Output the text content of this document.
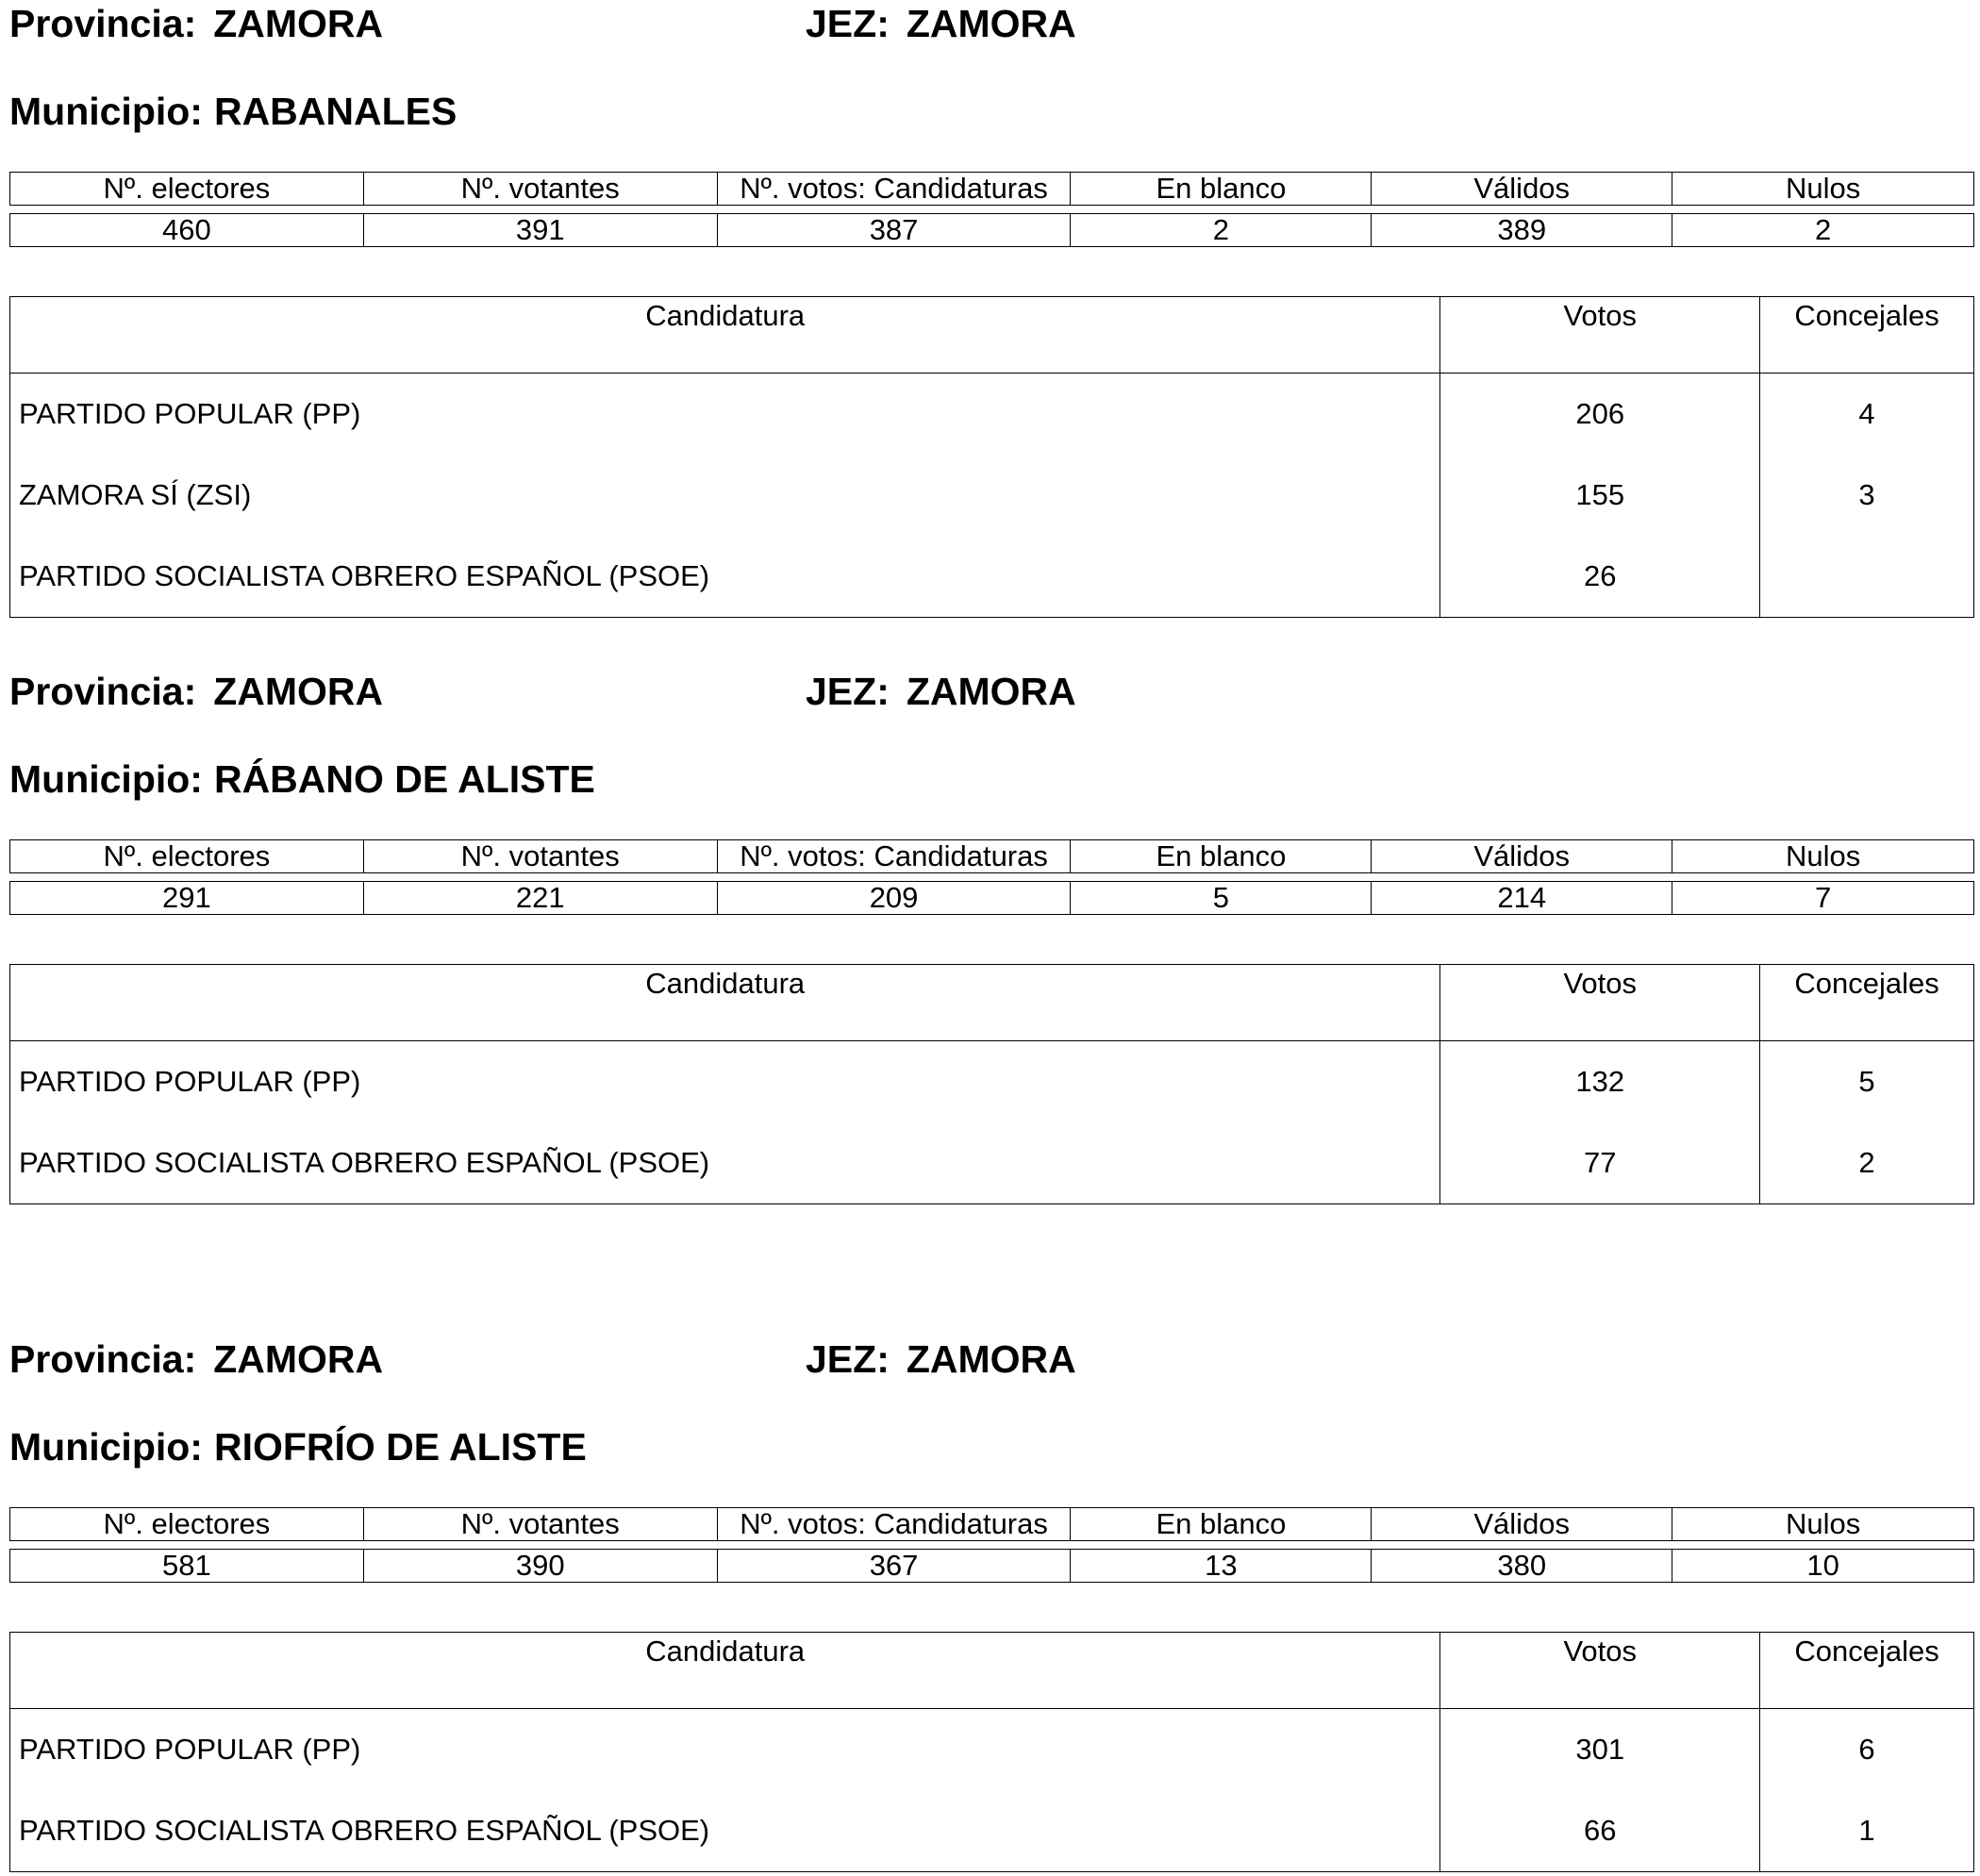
Provincia: ZAMORA	JEZ: ZAMORA
Municipio: RABANALES
Nº. electores	Nº. votantes	Nº. votos: Candidaturas	En blanco	Válidos	Nulos

460	391	387	2	389	2
Candidatura	Votos	Concejales
PARTIDO POPULAR (PP)	206	4
ZAMORA SÍ (ZSI)	155	3
PARTIDO SOCIALISTA OBRERO ESPAÑOL (PSOE)	26	
Provincia: ZAMORA	JEZ: ZAMORA
Municipio: RÁBANO DE ALISTE
Nº. electores	Nº. votantes	Nº. votos: Candidaturas	En blanco	Válidos	Nulos

291	221	209	5	214	7
Candidatura	Votos	Concejales
PARTIDO POPULAR (PP)	132	5
PARTIDO SOCIALISTA OBRERO ESPAÑOL (PSOE)	77	2
Provincia: ZAMORA	JEZ: ZAMORA
Municipio: RIOFRÍO DE ALISTE
Nº. electores	Nº. votantes	Nº. votos: Candidaturas	En blanco	Válidos	Nulos

581	390	367	13	380	10
Candidatura	Votos	Concejales
PARTIDO POPULAR (PP)	301	6
PARTIDO SOCIALISTA OBRERO ESPAÑOL (PSOE)	66	1
